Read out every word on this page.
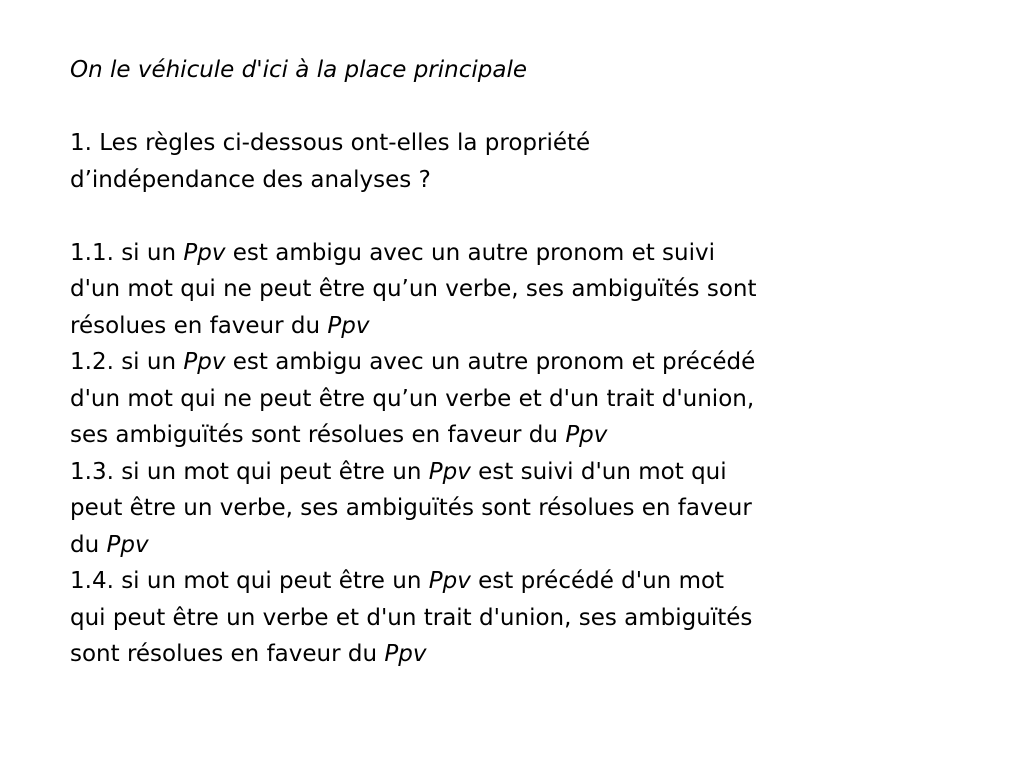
On le véhicule d'ici à la place principale

1. Les règles ci-dessous ont-elles la propriété
d’indépendance des analyses ?

1.1. si un Ppv est ambigu avec un autre pronom et suivi
d'un mot qui ne peut être qu’un verbe, ses ambiguïtés sont
résolues en faveur du Ppv

1.2. si un Ppv est ambigu avec un autre pronom et précédé
d'un mot qui ne peut être qu’un verbe et d'un trait d'union,
ses ambiguïtés sont résolues en faveur du Ppv

1.3. si un mot qui peut être un Ppv est suivi d'un mot qui
peut être un verbe, ses ambiguïtés sont résolues en faveur
du Ppv

1.4. si un mot qui peut être un Ppv est précédé d'un mot
qui peut être un verbe et d'un trait d'union, ses ambiguïtés
sont résolues en faveur du Ppv
